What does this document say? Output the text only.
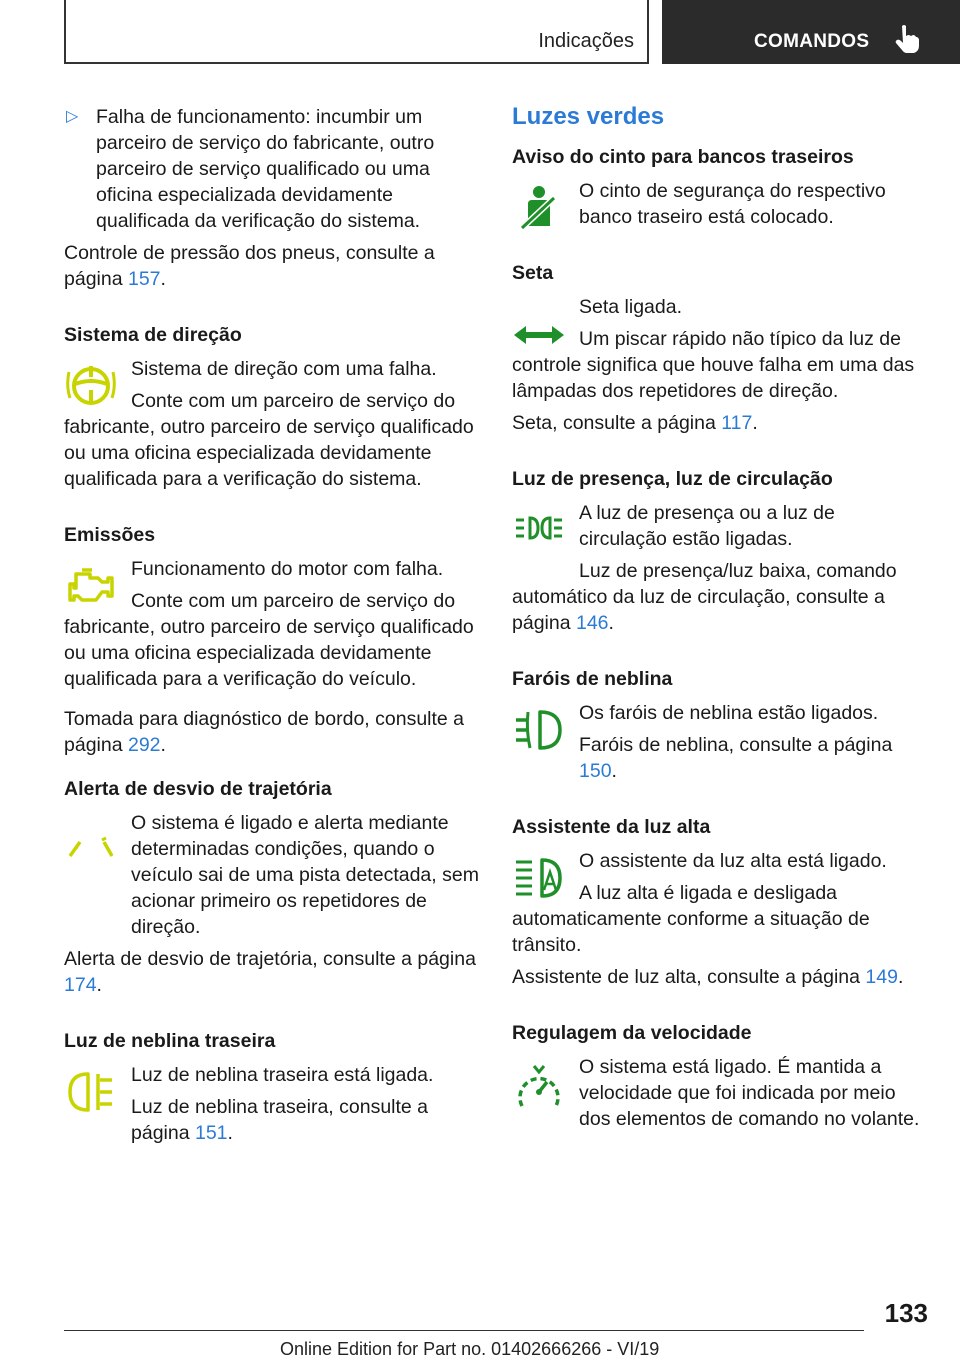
Indicações	COMANDOS
▷ Falha de funcionamento: incumbir um parceiro de serviço do fabricante, outro parceiro de serviço qualificado ou uma oficina especializada devidamente qualificada da verificação do sistema.

Controle de pressão dos pneus, consulte a página 157.

Sistema de direção

Sistema de direção com uma falha.

Conte com um parceiro de serviço do fabricante, outro parceiro de serviço qualificado ou uma oficina especializada devidamente qualificada para a verificação do sistema.

Emissões

Funcionamento do motor com falha.

Conte com um parceiro de serviço do fabricante, outro parceiro de serviço qualificado ou uma oficina especializada devidamente qualificada para a verificação do veículo.

Tomada para diagnóstico de bordo, consulte a página 292.

Alerta de desvio de trajetória

O sistema é ligado e alerta mediante determinadas condições, quando o veículo sai de uma pista detectada, sem acionar primeiro os repetidores de direção.

Alerta de desvio de trajetória, consulte a página 174.

Luz de neblina traseira

Luz de neblina traseira está ligada.

Luz de neblina traseira, consulte a página 151.

Luzes verdes
Aviso do cinto para bancos traseiros

O cinto de segurança do respectivo banco traseiro está colocado.

Seta

Seta ligada.

Um piscar rápido não típico da luz de controle significa que houve falha em uma das lâmpadas dos repetidores de direção.

Seta, consulte a página 117.

Luz de presença, luz de circulação

A luz de presença ou a luz de circulação estão ligadas.

Luz de presença/luz baixa, comando automático da luz de circulação, consulte a página 146.

Faróis de neblina

Os faróis de neblina estão ligados.

Faróis de neblina, consulte a página 150.

Assistente da luz alta

O assistente da luz alta está ligado.

A luz alta é ligada e desligada automaticamente conforme a situação de trânsito.

Assistente de luz alta, consulte a página 149.

Regulagem da velocidade

O sistema está ligado. É mantida a velocidade que foi indicada por meio dos elementos de comando no volante.

133
Online Edition for Part no. 01402666266 - VI/19
